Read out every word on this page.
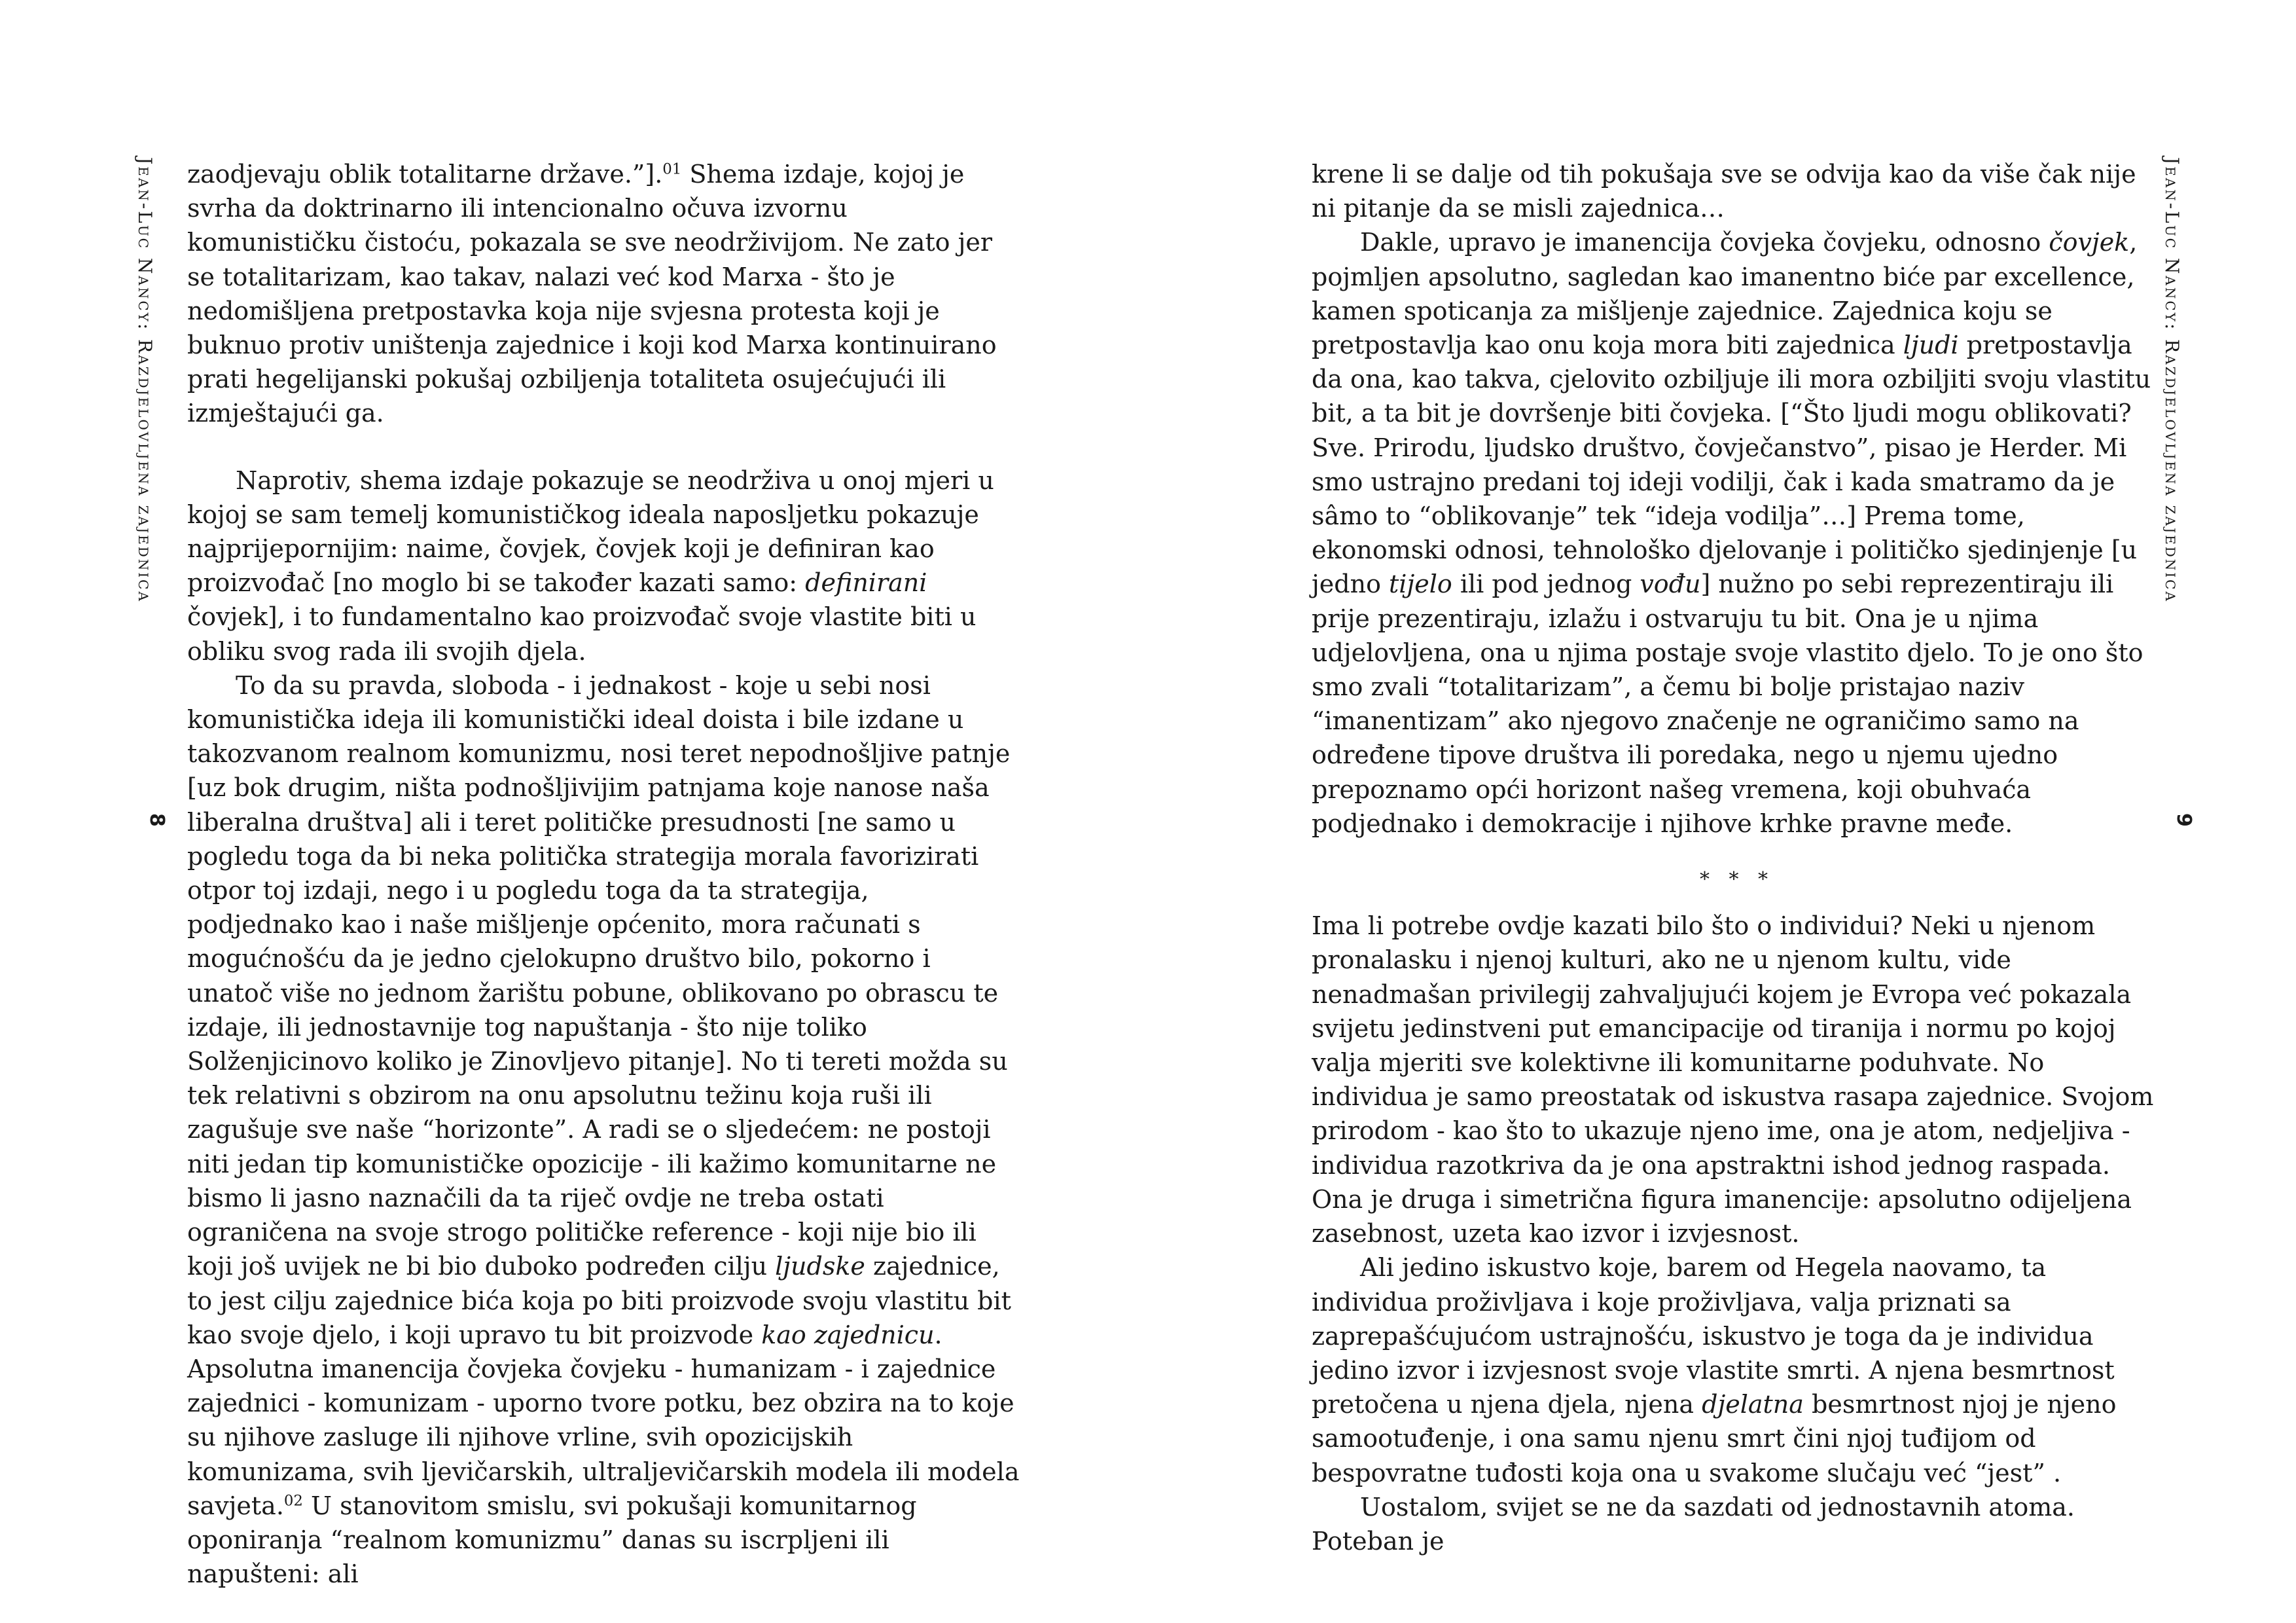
Jean-Luc Nancy: Razdjelovljena zajednica
8

zaodjevaju oblik totalitarne države.”].$^{01}$ Shema izdaje, kojoj je svrha da doktrinarno ili intencionalno očuva izvornu komunističku čistoću, pokazala se sve neodrživijom. Ne zato jer se totalitarizam, kao takav, nalazi već kod Marxa - što je nedomišljena pretpostavka koja nije svjesna protesta koji je buknuo protiv uništenja zajednice i koji kod Marxa kontinuirano prati hegelijanski pokušaj ozbiljenja totaliteta osujećujući ili izmještajući ga.

Naprotiv, shema izdaje pokazuje se neodrživa u onoj mjeri u kojoj se sam temelj komunističkog ideala naposljetku pokazuje najprijepornijim: naime, čovjek, čovjek koji je definiran kao proizvođač [no moglo bi se također kazati samo: definirani čovjek], i to fundamentalno kao proizvođač svoje vlastite biti u obliku svog rada ili svojih djela.

To da su pravda, sloboda - i jednakost - koje u sebi nosi komunistička ideja ili komunistički ideal doista i bile izdane u takozvanom realnom komunizmu, nosi teret nepodnošljive patnje [uz bok drugim, ništa podnošljivijim patnjama koje nanose naša liberalna društva] ali i teret političke presudnosti [ne samo u pogledu toga da bi neka politička strategija morala favorizirati otpor toj izdaji, nego i u pogledu toga da ta strategija, podjednako kao i naše mišljenje općenito, mora računati s mogućnošću da je jedno cjelokupno društvo bilo, pokorno i unatoč više no jednom žarištu pobune, oblikovano po obrascu te izdaje, ili jednostavnije tog napuštanja - što nije toliko Solženjicinovo koliko je Zinovljevo pitanje]. No ti tereti možda su tek relativni s obzirom na onu apsolutnu težinu koja ruši ili zagušuje sve naše “horizonte”. A radi se o sljedećem: ne postoji niti jedan tip komunističke opozicije - ili kažimo komunitarne ne bismo li jasno naznačili da ta riječ ovdje ne treba ostati ograničena na svoje strogo političke reference - koji nije bio ili koji još uvijek ne bi bio duboko podređen cilju ljudske zajednice, to jest cilju zajednice bića koja po biti proizvode svoju vlastitu bit kao svoje djelo, i koji upravo tu bit proizvode kao zajednicu. Apsolutna imanencija čovjeka čovjeku - humanizam - i zajednice zajednici - komunizam - uporno tvore potku, bez obzira na to koje su njihove zasluge ili njihove vrline, svih opozicijskih komunizama, svih ljevičarskih, ultraljevičarskih modela ili modela savjeta.$^{02}$ U stanovitom smislu, svi pokušaji komunitarnog oponiranja “realnom komunizmu” danas su iscrpljeni ili napušteni: ali

Jean-Luc Nancy: Razdjelovljena zajednica
9

krene li se dalje od tih pokušaja sve se odvija kao da više čak nije ni pitanje da se misli zajednica…

Dakle, upravo je imanencija čovjeka čovjeku, odnosno čovjek, pojmljen apsolutno, sagledan kao imanentno biće par excellence, kamen spoticanja za mišljenje zajednice. Zajednica koju se pretpostavlja kao onu koja mora biti zajednica ljudi pretpostavlja da ona, kao takva, cjelovito ozbiljuje ili mora ozbiljiti svoju vlastitu bit, a ta bit je dovršenje biti čovjeka. [“Što ljudi mogu oblikovati? Sve. Prirodu, ljudsko društvo, čovječanstvo”, pisao je Herder. Mi smo ustrajno predani toj ideji vodilji, čak i kada smatramo da je sâmo to “oblikovanje” tek “ideja vodilja”…] Prema tome, ekonomski odnosi, tehnološko djelovanje i političko sjedinjenje [u jedno tijelo ili pod jednog vođu] nužno po sebi reprezentiraju ili prije prezentiraju, izlažu i ostvaruju tu bit. Ona je u njima udjelovljena, ona u njima postaje svoje vlastito djelo. To je ono što smo zvali “totalitarizam”, a čemu bi bolje pristajao naziv “imanentizam” ako njegovo značenje ne ograničimo samo na određene tipove društva ili poredaka, nego u njemu ujedno prepoznamo opći horizont našeg vremena, koji obuhvaća podjednako i demokracije i njihove krhke pravne međe.

* * *

Ima li potrebe ovdje kazati bilo što o individui? Neki u njenom pronalasku i njenoj kulturi, ako ne u njenom kultu, vide nenadmašan privilegij zahvaljujući kojem je Evropa već pokazala svijetu jedinstveni put emancipacije od tiranija i normu po kojoj valja mjeriti sve kolektivne ili komunitarne poduhvate. No individua je samo preostatak od iskustva rasapa zajednice. Svojom prirodom - kao što to ukazuje njeno ime, ona je atom, nedjeljiva - individua razotkriva da je ona apstraktni ishod jednog raspada. Ona je druga i simetrična figura imanencije: apsolutno odijeljena zasebnost, uzeta kao izvor i izvjesnost.

Ali jedino iskustvo koje, barem od Hegela naovamo, ta individua proživljava i koje proživljava, valja priznati sa zaprepašćujućom ustrajnošću, iskustvo je toga da je individua jedino izvor i izvjesnost svoje vlastite smrti. A njena besmrtnost pretočena u njena djela, njena djelatna besmrtnost njoj je njeno samootuđenje, i ona samu njenu smrt čini njoj tuđijom od bespovratne tuđosti koja ona u svakome slučaju već “jest” .

Uostalom, svijet se ne da sazdati od jednostavnih atoma. Poteban je
